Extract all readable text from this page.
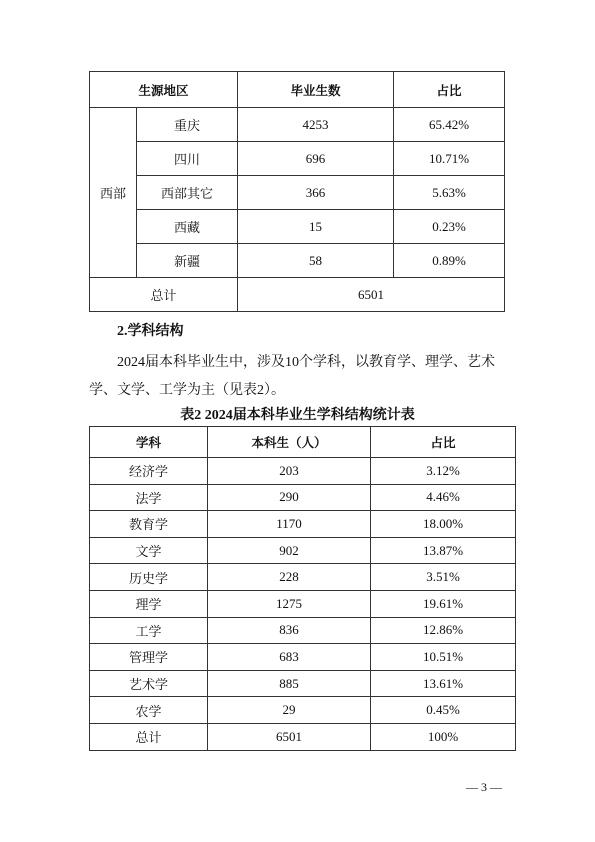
生源地区		毕业生数	占比
西部	重庆	4253	65.42%
	四川	696	10.71%
	西部其它	366	5.63%
	西藏	15	0.23%
	新疆	58	0.89%
总计		6501	
2.学科结构
2024届本科毕业生中，涉及10个学科，以教育学、理学、艺术学、文学、工学为主（见表2）。
表2 2024届本科毕业生学科结构统计表
学科	本科生（人）	占比
经济学	203	3.12%
法学	290	4.46%
教育学	1170	18.00%
文学	902	13.87%
历史学	228	3.51%
理学	1275	19.61%
工学	836	12.86%
管理学	683	10.51%
艺术学	885	13.61%
农学	29	0.45%
总计	6501	100%
— 3 —
